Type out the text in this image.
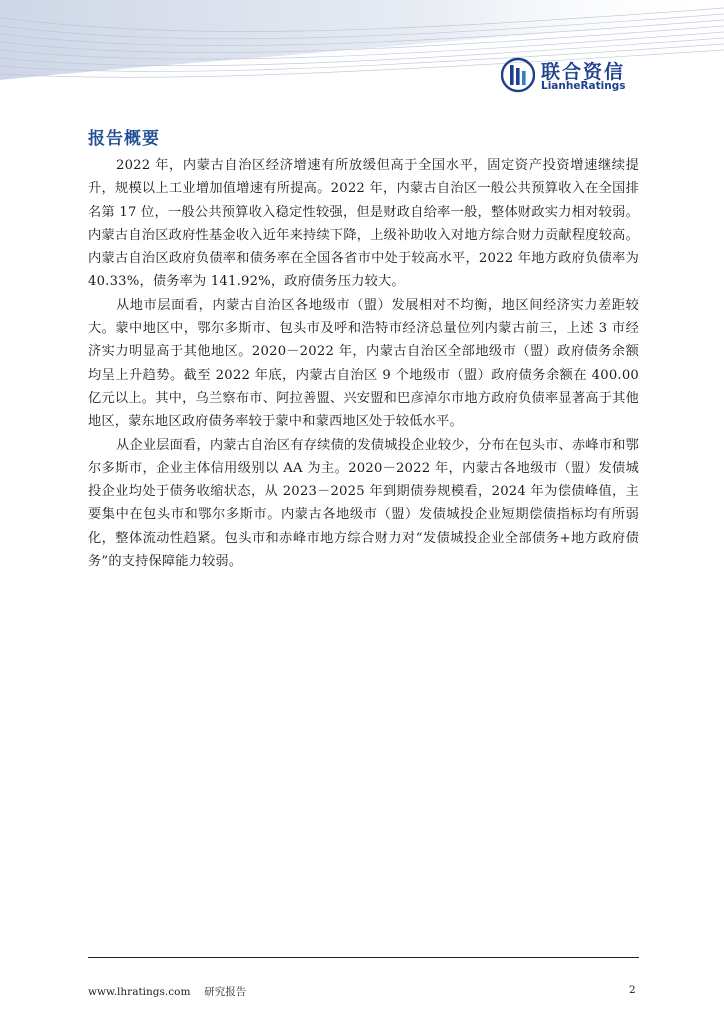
联合资信
LianheRatings
报告概要

2022 年，内蒙古自治区经济增速有所放缓但高于全国水平，固定资产投资增速继续提升，规模以上工业增加值增速有所提高。2022 年，内蒙古自治区一般公共预算收入在全国排名第 17 位，一般公共预算收入稳定性较强，但是财政自给率一般，整体财政实力相对较弱。内蒙古自治区政府性基金收入近年来持续下降，上级补助收入对地方综合财力贡献程度较高。内蒙古自治区政府负债率和债务率在全国各省市中处于较高水平，2022 年地方政府负债率为 40.33%，债务率为 141.92%，政府债务压力较大。

从地市层面看，内蒙古自治区各地级市（盟）发展相对不均衡，地区间经济实力差距较大。蒙中地区中，鄂尔多斯市、包头市及呼和浩特市经济总量位列内蒙古前三，上述 3 市经济实力明显高于其他地区。2020－2022 年，内蒙古自治区全部地级市（盟）政府债务余额均呈上升趋势。截至 2022 年底，内蒙古自治区 9 个地级市（盟）政府债务余额在 400.00 亿元以上。其中，乌兰察布市、阿拉善盟、兴安盟和巴彦淖尔市地方政府负债率显著高于其他地区，蒙东地区政府债务率较于蒙中和蒙西地区处于较低水平。

从企业层面看，内蒙古自治区有存续债的发债城投企业较少，分布在包头市、赤峰市和鄂尔多斯市，企业主体信用级别以 AA 为主。2020－2022 年，内蒙古各地级市（盟）发债城投企业均处于债务收缩状态，从 2023－2025 年到期债券规模看，2024 年为偿债峰值，主要集中在包头市和鄂尔多斯市。内蒙古各地级市（盟）发债城投企业短期偿债指标均有所弱化，整体流动性趋紧。包头市和赤峰市地方综合财力对“发债城投企业全部债务+地方政府债务”的支持保障能力较弱。

www.lhratings.com　 研究报告	2
